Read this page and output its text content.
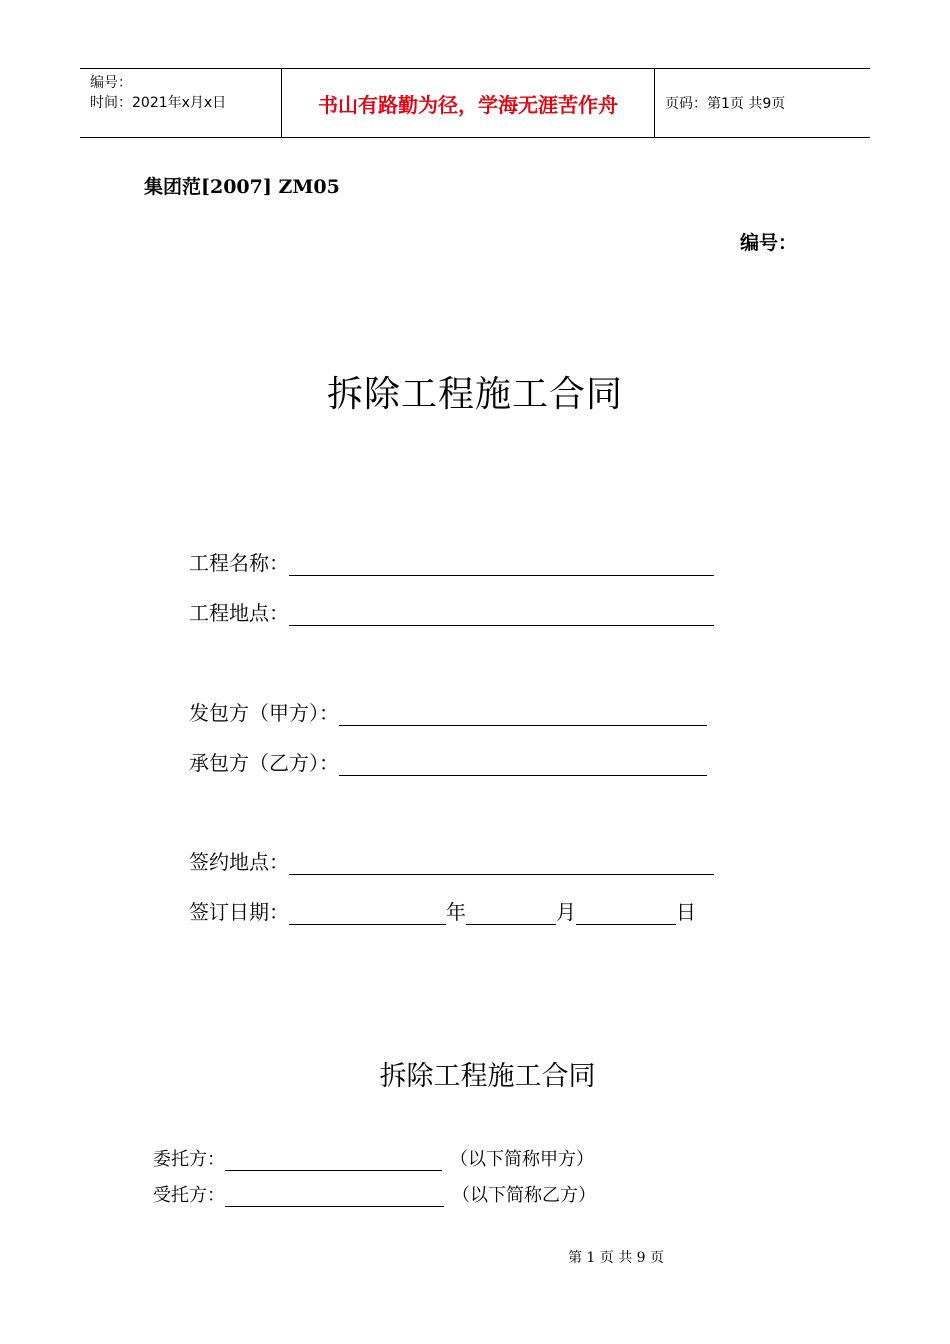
编号：
时间：2021年x月x日	书山有路勤为径，学海无涯苦作舟	页码：第1页 共9页
集团范[2007] ZM05
编号：
拆除工程施工合同
工程名称：
工程地点：
发包方（甲方）：
承包方（乙方）：
签约地点：
签订日期：	年	月	日
拆除工程施工合同
委托方：	（以下简称甲方）
受托方：	（以下简称乙方）
第 1 页 共 9 页
